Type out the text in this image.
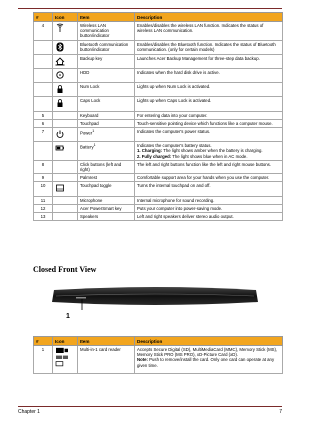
#	Icon	Item	Description
4		Wireless LAN communication button/indicator	Enables/disables the wireless LAN function. Indicates the status of wireless LAN communication.
		Bluetooth communication button/indicator	Enables/disables the Bluetooth function. Indicates the status of Bluetooth communication. (only for certain models)
		Backup key	Launches Acer Backup Management for three-step data backup.
		HDD	Indicates when the hard disk drive is active.
		Num Lock	Lights up when Num Lock is activated.
		Caps Lock	Lights up when Caps Lock is activated.
5		Keyboard	For entering data into your computer.
6		Touchpad	Touch-sensitive pointing device which functions like a computer mouse.
7		Power$^1$	Indicates the computer's power status.
		Battery$^1$	Indicates the computer's battery status.
1. Charging: The light shows amber when the battery is charging.
2. Fully charged: The light shows blue when in AC mode.

8		Click buttons (left and right)	The left and right buttons function like the left and right mouse buttons.
9		Palmrest	Comfortable support area for your hands when you use the computer.
10		Touchpad toggle	Turns the internal touchpad on and off.
11		Microphone	Internal microphone for sound recording.
12		Acer PowerSmart key	Puts your computer into power-saving mode.
13		Speakers	Left and right speakers deliver stereo audio output.
Closed Front View
1
#	Icon	Item	Description
1		Multi-in-1 card reader	Accepts Secure Digital (SD), MultiMediaCard (MMC), Memory Stick (MS), Memory Stick PRO (MS PRO), xD-Picture Card (xD).
Note: Push to remove/install the card. Only one card can operate at any given time.
Chapter 1	7
